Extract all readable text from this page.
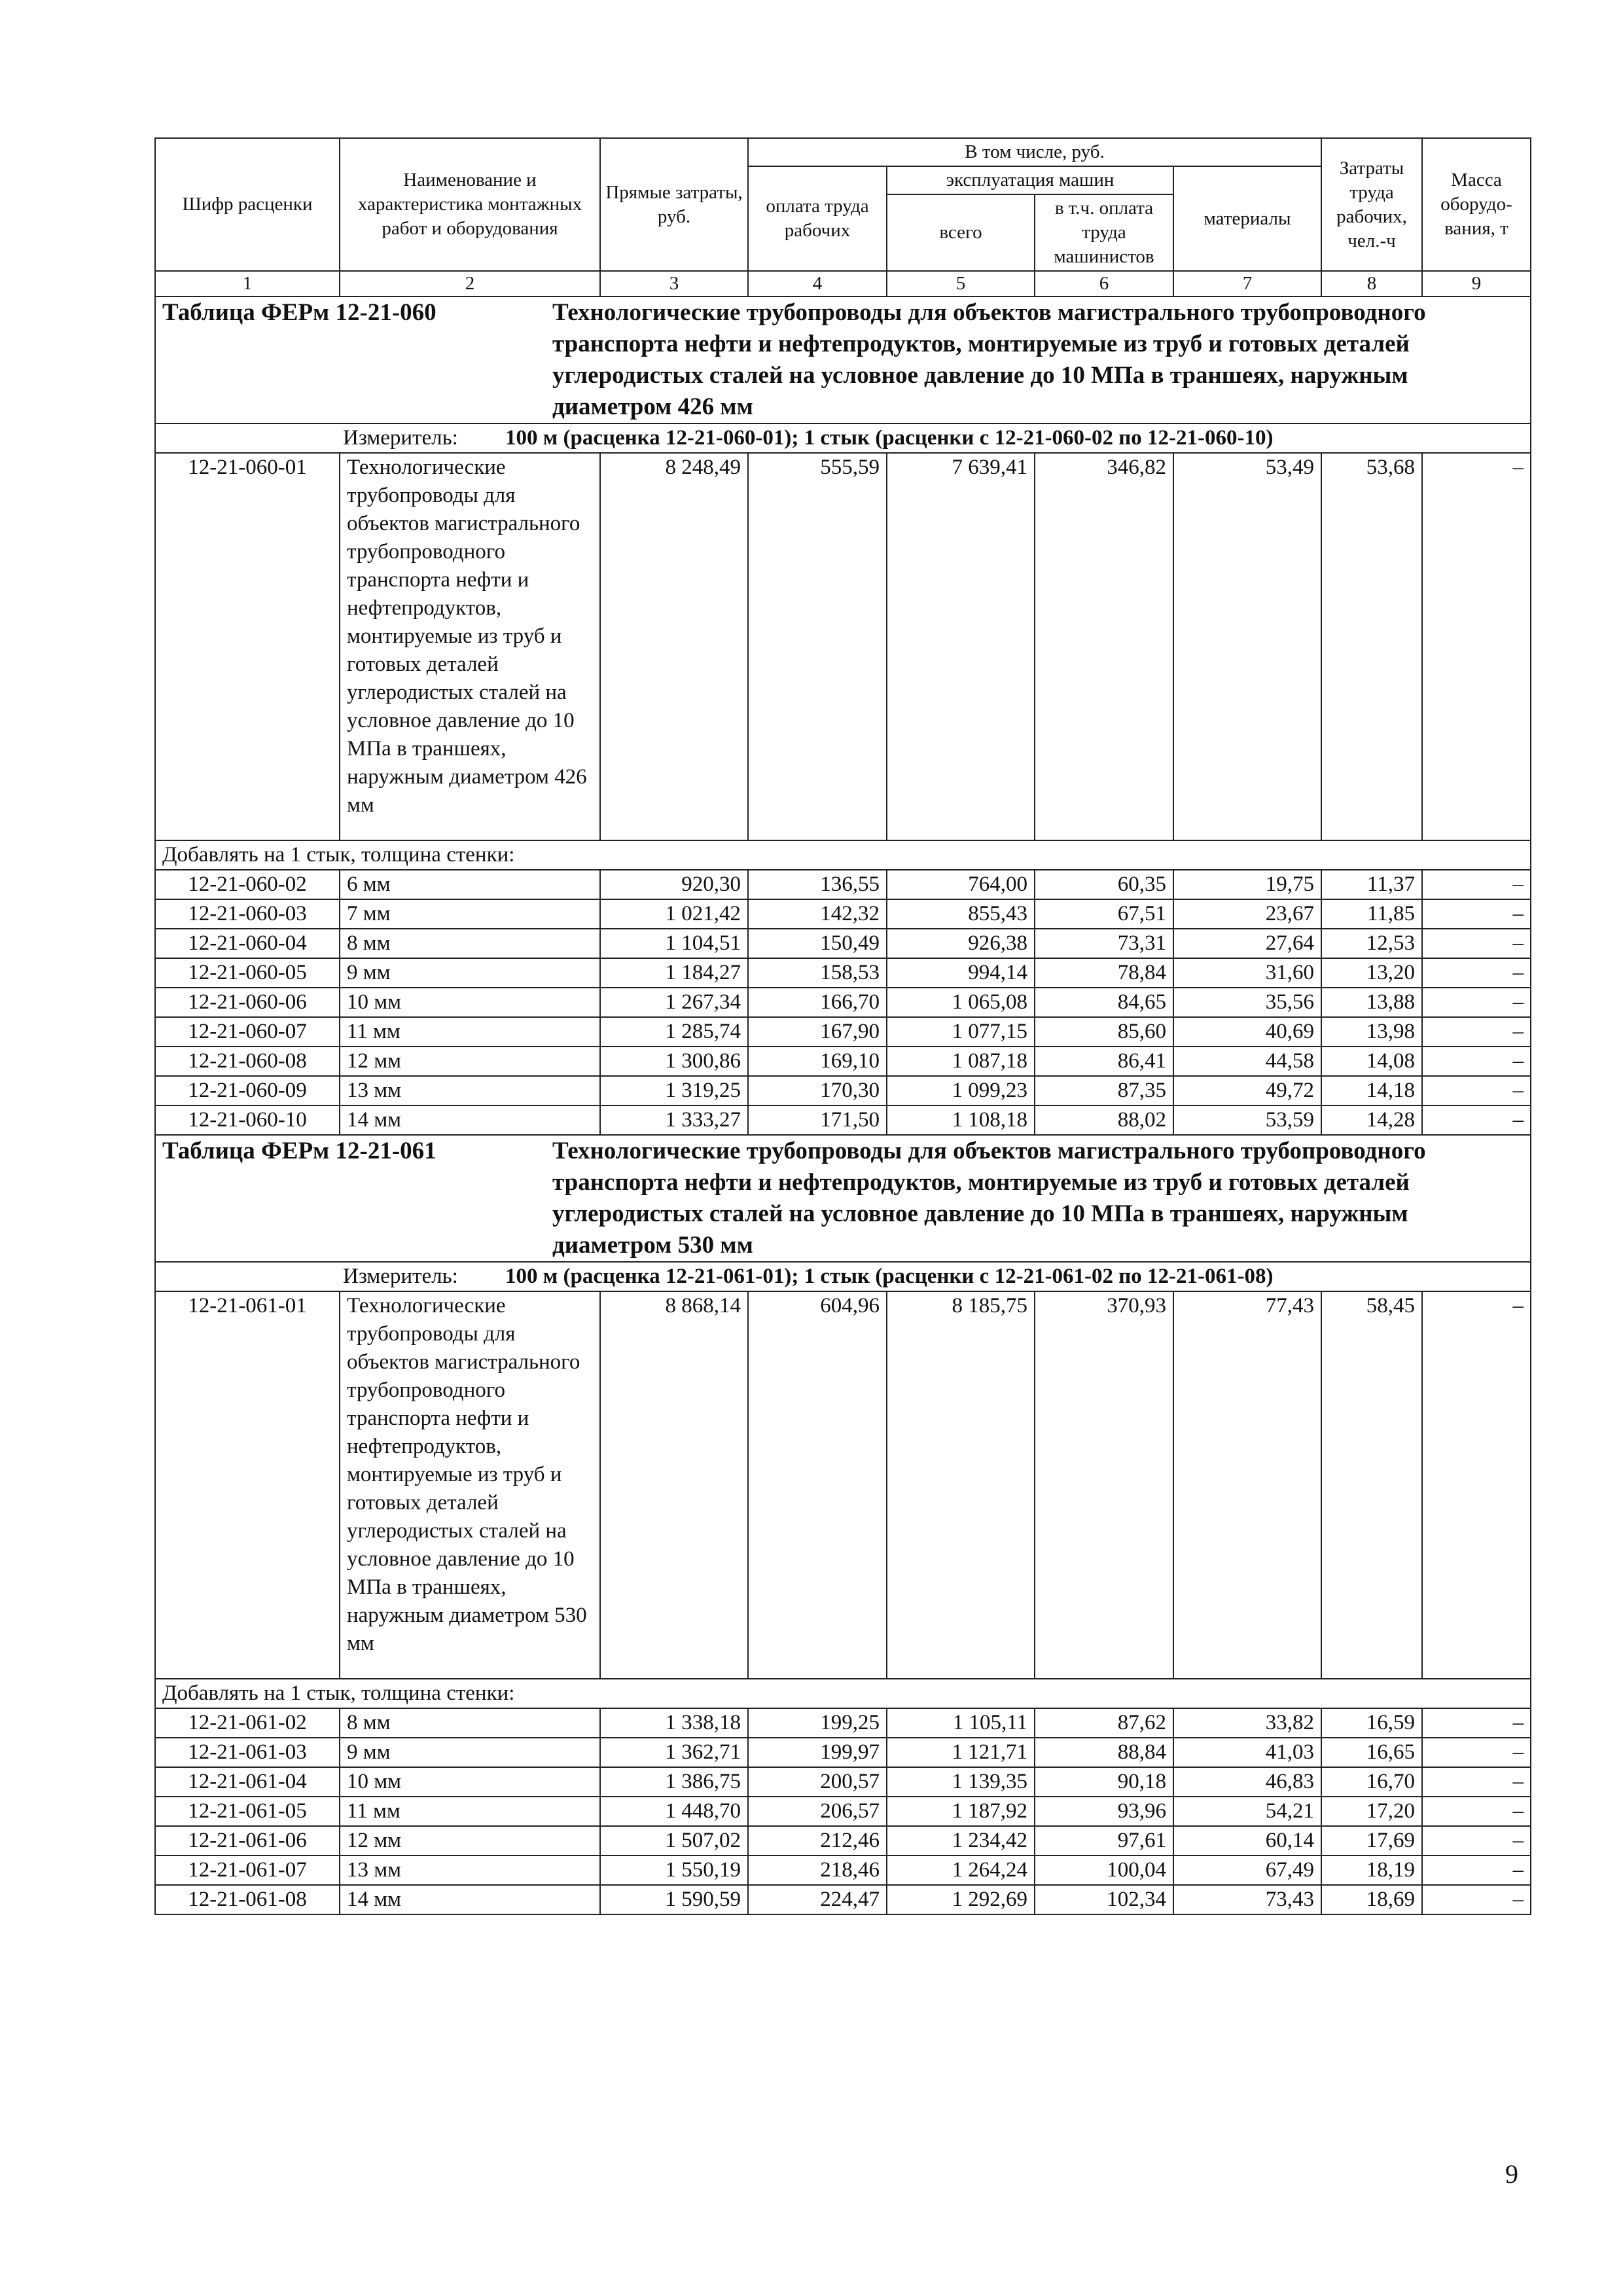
Шифр расценки	Наименование и характеристика монтажных работ и оборудования	Прямые затраты, руб.	В том числе, руб.				Затраты труда рабочих, чел.-ч	Масса оборудо-вания, т
			оплата труда рабочих	эксплуатация машин		материалы		
				всего	в т.ч. оплата труда машинистов			
1	2	3	4	5	6	7	8	9

Таблица ФЕРм 12-21-060 Технологические трубопроводы для объектов магистрального трубопроводного транспорта нефти и нефтепродуктов, монтируемые из труб и готовых деталей углеродистых сталей на условное давление до 10 МПа в траншеях, наружным диаметром 426 мм								

Измеритель: 100 м (расценка 12-21-060-01); 1 стык (расценки с 12-21-060-02 по 12-21-060-10)								
12-21-060-01	Технологические трубопроводы для объектов магистрального трубопроводного транспорта нефти и нефтепродуктов, монтируемые из труб и готовых деталей углеродистых сталей на условное давление до 10 МПа в траншеях, наружным диаметром 426 мм	8 248,49	555,59	7 639,41	346,82	53,49	53,68	–
Добавлять на 1 стык, толщина стенки:								
12-21-060-02	6 мм	920,30	136,55	764,00	60,35	19,75	11,37	–
12-21-060-03	7 мм	1 021,42	142,32	855,43	67,51	23,67	11,85	–
12-21-060-04	8 мм	1 104,51	150,49	926,38	73,31	27,64	12,53	–
12-21-060-05	9 мм	1 184,27	158,53	994,14	78,84	31,60	13,20	–
12-21-060-06	10 мм	1 267,34	166,70	1 065,08	84,65	35,56	13,88	–
12-21-060-07	11 мм	1 285,74	167,90	1 077,15	85,60	40,69	13,98	–
12-21-060-08	12 мм	1 300,86	169,10	1 087,18	86,41	44,58	14,08	–
12-21-060-09	13 мм	1 319,25	170,30	1 099,23	87,35	49,72	14,18	–
12-21-060-10	14 мм	1 333,27	171,50	1 108,18	88,02	53,59	14,28	–

Таблица ФЕРм 12-21-061 Технологические трубопроводы для объектов магистрального трубопроводного транспорта нефти и нефтепродуктов, монтируемые из труб и готовых деталей углеродистых сталей на условное давление до 10 МПа в траншеях, наружным диаметром 530 мм								

Измеритель: 100 м (расценка 12-21-061-01); 1 стык (расценки с 12-21-061-02 по 12-21-061-08)								
12-21-061-01	Технологические трубопроводы для объектов магистрального трубопроводного транспорта нефти и нефтепродуктов, монтируемые из труб и готовых деталей углеродистых сталей на условное давление до 10 МПа в траншеях, наружным диаметром 530 мм	8 868,14	604,96	8 185,75	370,93	77,43	58,45	–
Добавлять на 1 стык, толщина стенки:								
12-21-061-02	8 мм	1 338,18	199,25	1 105,11	87,62	33,82	16,59	–
12-21-061-03	9 мм	1 362,71	199,97	1 121,71	88,84	41,03	16,65	–
12-21-061-04	10 мм	1 386,75	200,57	1 139,35	90,18	46,83	16,70	–
12-21-061-05	11 мм	1 448,70	206,57	1 187,92	93,96	54,21	17,20	–
12-21-061-06	12 мм	1 507,02	212,46	1 234,42	97,61	60,14	17,69	–
12-21-061-07	13 мм	1 550,19	218,46	1 264,24	100,04	67,49	18,19	–
12-21-061-08	14 мм	1 590,59	224,47	1 292,69	102,34	73,43	18,69	–
9
